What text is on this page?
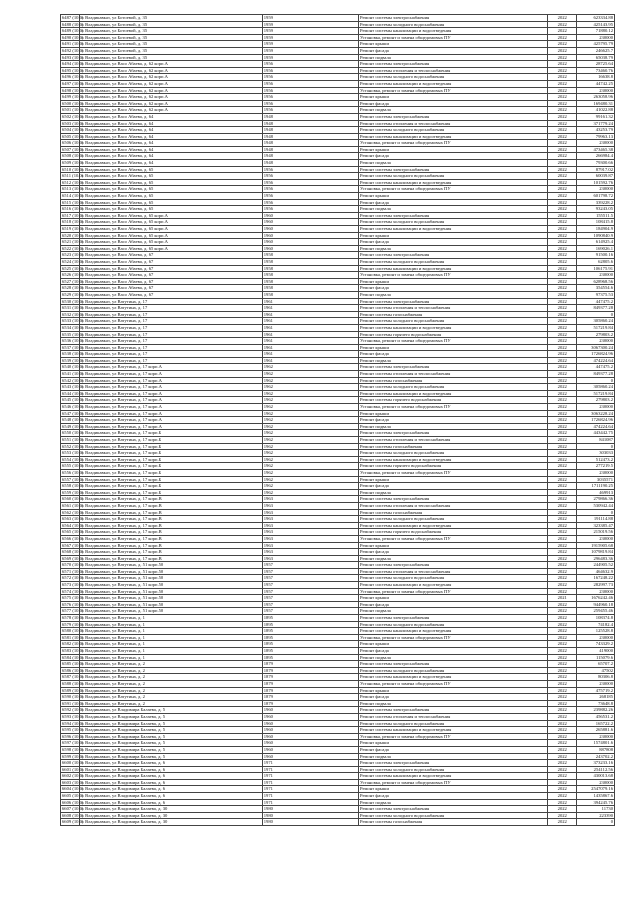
6487 (10.0)	г. Владикавказ, ул Ботоевой, д. 35	1959	Ремонт системы электроснабжения	2022	623334.88
6488 (10.0)	г. Владикавказ, ул Ботоевой, д. 35	1959	Ремонт системы холодного водоснабжения	2022	425143.95
6489 (10.0)	г. Владикавказ, ул Ботоевой, д. 35	1959	Ремонт системы канализации и водоотведения	2022	71880.12
6490 (10.0)	г. Владикавказ, ул Ботоевой, д. 35	1959	Установка, ремонт и замена общедомовых ПУ	2022	230000
6491 (10.0)	г. Владикавказ, ул Ботоевой, д. 35	1959	Ремонт крыши	2022	425795.79
6492 (10.0)	г. Владикавказ, ул Ботоевой, д. 35	1959	Ремонт фасада	2022	246625.7
6493 (10.0)	г. Владикавказ, ул Ботоевой, д. 35	1959	Ремонт подвала	2022	65038.79
6494 (10.0)	г. Владикавказ, ул Васо Абаева, д. 62 корп.А	1956	Ремонт системы электроснабжения	2022	28725.64
6495 (10.0)	г. Владикавказ, ул Васо Абаева, д. 62 корп.А	1956	Ремонт системы отопления и теплоснабжения	2022	73460.76
6496 (10.0)	г. Владикавказ, ул Васо Абаева, д. 62 корп.А	1956	Ремонт системы холодного водоснабжения	2022	16638.8
6497 (10.0)	г. Владикавказ, ул Васо Абаева, д. 62 корп.А	1956	Ремонт системы канализации и водоотведения	2022	44742.25
6498 (10.0)	г. Владикавказ, ул Васо Абаева, д. 62 корп.А	1956	Установка, ремонт и замена общедомовых ПУ	2022	230000
6499 (10.0)	г. Владикавказ, ул Васо Абаева, д. 62 корп.А	1956	Ремонт крыши	2022	263058.96
6500 (10.0)	г. Владикавказ, ул Васо Абаева, д. 62 корп.А	1956	Ремонт фасада	2022	169480.31
6501 (10.0)	г. Владикавказ, ул Васо Абаева, д. 62 корп.А	1956	Ремонт подвала	2022	41022.88
6502 (10.0)	г. Владикавказ, ул Васо Абаева, д. 64	1948	Ремонт системы электроснабжения	2022	99161.32
6503 (10.0)	г. Владикавказ, ул Васо Абаева, д. 64	1948	Ремонт системы отопления и теплоснабжения	2022	371779.24
6504 (10.0)	г. Владикавказ, ул Васо Абаева, д. 64	1948	Ремонт системы холодного водоснабжения	2022	43253.79
6505 (10.0)	г. Владикавказ, ул Васо Абаева, д. 64	1948	Ремонт системы канализации и водоотведения	2022	79963.13
6506 (10.0)	г. Владикавказ, ул Васо Абаева, д. 64	1948	Установка, ремонт и замена общедомовых ПУ	2022	230000
6507 (10.0)	г. Владикавказ, ул Васо Абаева, д. 64	1948	Ремонт крыши	2022	473465.38
6508 (10.0)	г. Владикавказ, ул Васо Абаева, д. 64	1948	Ремонт фасада	2022	266984.4
6509 (10.0)	г. Владикавказ, ул Васо Абаева, д. 64	1948	Ремонт подвала	2022	79300.66
6510 (10.0)	г. Владикавказ, ул Васо Абаева, д. 65	1956	Ремонт системы электроснабжения	2022	87917.02
6511 (10.0)	г. Владикавказ, ул Васо Абаева, д. 65	1956	Ремонт системы холодного водоснабжения	2022	60039.87
6512 (10.0)	г. Владикавказ, ул Васо Абаева, д. 65	1956	Ремонт системы канализации и водоотведения	2022	101592.76
6513 (10.0)	г. Владикавказ, ул Васо Абаева, д. 65	1956	Установка, ремонт и замена общедомовых ПУ	2022	230000
6514 (10.0)	г. Владикавказ, ул Васо Абаева, д. 65	1956	Ремонт крыши	2022	601798.72
6515 (10.0)	г. Владикавказ, ул Васо Абаева, д. 65	1956	Ремонт фасада	2022	339228.2
6516 (10.0)	г. Владикавказ, ул Васо Абаева, д. 65	1956	Ремонт подвала	2022	93243.05
6517 (10.0)	г. Владикавказ, ул Васо Абаева, д. 65 корп.А	1960	Ремонт системы электроснабжения	2022	155511.5
6518 (10.0)	г. Владикавказ, ул Васо Абаева, д. 65 корп.А	1960	Ремонт системы холодного водоснабжения	2022	108415.8
6519 (10.0)	г. Владикавказ, ул Васо Абаева, д. 65 корп.А	1960	Ремонт системы канализации и водоотведения	2022	184904.9
6520 (10.0)	г. Владикавказ, ул Васо Абаева, д. 65 корп.А	1960	Ремонт крыши	2022	1090840.9
6521 (10.0)	г. Владикавказ, ул Васо Абаева, д. 65 корп.А	1960	Ремонт фасада	2022	614925.4
6522 (10.0)	г. Владикавказ, ул Васо Абаева, д. 65 корп.А	1960	Ремонт подвала	2022	169026.1
6523 (10.0)	г. Владикавказ, ул Васо Абаева, д. 67	1958	Ремонт системы электроснабжения	2022	91500.16
6524 (10.0)	г. Владикавказ, ул Васо Абаева, д. 67	1958	Ремонт системы холодного водоснабжения	2022	62805.6
6525 (10.0)	г. Владикавказ, ул Васо Абаева, д. 67	1958	Ремонт системы канализации и водоотведения	2022	106175.91
6526 (10.0)	г. Владикавказ, ул Васо Абаева, д. 67	1958	Установка, ремонт и замена общедомовых ПУ	2022	230000
6527 (10.0)	г. Владикавказ, ул Васо Абаева, д. 67	1958	Ремонт крыши	2022	628968.56
6528 (10.0)	г. Владикавказ, ул Васо Абаева, д. 67	1958	Ремонт фасада	2022	354554.6
6529 (10.0)	г. Владикавказ, ул Васо Абаева, д. 67	1958	Ремонт подвала	2022	97375.53
6530 (10.0)	г. Владикавказ, ул Ватутина, д. 17	1961	Ремонт системы электроснабжения	2022	447475.2
6531 (10.0)	г. Владикавказ, ул Ватутина, д. 17	1961	Ремонт системы отопления и теплоснабжения	2022	849377.28
6532 (10.0)	г. Владикавказ, ул Ватутина, д. 17	1961	Ремонт системы газоснабжения	2022	0
6533 (10.0)	г. Владикавказ, ул Ватутина, д. 17	1961	Ремонт системы холодного водоснабжения	2022	305860.24
6534 (10.0)	г. Владикавказ, ул Ватутина, д. 17	1961	Ремонт системы канализации и водоотведения	2022	517219.84
6535 (10.0)	г. Владикавказ, ул Ватутина, д. 17	1961	Ремонт системы горячего водоснабжения	2022	279803.2
6536 (10.0)	г. Владикавказ, ул Ватутина, д. 17	1961	Установка, ремонт и замена общедомовых ПУ	2022	230000
6537 (10.0)	г. Владикавказ, ул Ватутина, д. 17	1961	Ремонт крыши	2022	3067300.24
6538 (10.0)	г. Владикавказ, ул Ватутина, д. 17	1961	Ремонт фасада	2022	1726824.96
6539 (10.0)	г. Владикавказ, ул Ватутина, д. 17	1961	Ремонт подвала	2022	474224.64
6540 (10.0)	г. Владикавказ, ул Ватутина, д. 17 корп.А	1962	Ремонт системы электроснабжения	2022	447475.2
6541 (10.0)	г. Владикавказ, ул Ватутина, д. 17 корп.А	1962	Ремонт системы отопления и теплоснабжения	2022	849377.28
6542 (10.0)	г. Владикавказ, ул Ватутина, д. 17 корп.А	1962	Ремонт системы газоснабжения	2022	0
6543 (10.0)	г. Владикавказ, ул Ватутина, д. 17 корп.А	1962	Ремонт системы холодного водоснабжения	2022	305860.24
6544 (10.0)	г. Владикавказ, ул Ватутина, д. 17 корп.А	1962	Ремонт системы канализации и водоотведения	2022	517219.84
6545 (10.0)	г. Владикавказ, ул Ватутина, д. 17 корп.А	1962	Ремонт системы горячего водоснабжения	2022	279803.2
6546 (10.0)	г. Владикавказ, ул Ватутина, д. 17 корп.А	1962	Установка, ремонт и замена общедомовых ПУ	2022	230000
6547 (10.0)	г. Владикавказ, ул Ватутина, д. 17 корп.А	1962	Ремонт крыши	2022	3063228.24
6548 (10.0)	г. Владикавказ, ул Ватутина, д. 17 корп.А	1962	Ремонт фасада	2022	1726824.96
6549 (10.0)	г. Владикавказ, ул Ватутина, д. 17 корп.А	1962	Ремонт подвала	2022	474224.64
6550 (10.0)	г. Владикавказ, ул Ватутина, д. 17 корп.Б	1962	Ремонт системы электроснабжения	2022	443442.75
6551 (10.0)	г. Владикавказ, ул Ватутина, д. 17 корп.Б	1962	Ремонт системы отопления и теплоснабжения	2022	841087
6552 (10.0)	г. Владикавказ, ул Ватутина, д. 17 корп.Б	1962	Ремонт системы газоснабжения	2022	0
6553 (10.0)	г. Владикавказ, ул Ватутина, д. 17 корп.Б	1962	Ремонт системы холодного водоснабжения	2022	303033
6554 (10.0)	г. Владикавказ, ул Ватутина, д. 17 корп.Б	1962	Ремонт системы канализации и водоотведения	2022	512473.2
6555 (10.0)	г. Владикавказ, ул Ватутина, д. 17 корп.Б	1962	Ремонт системы горячего водоснабжения	2022	277219.5
6556 (10.0)	г. Владикавказ, ул Ватутина, д. 17 корп.Б	1962	Установка, ремонт и замена общедомовых ПУ	2022	230000
6557 (10.0)	г. Владикавказ, ул Ватутина, д. 17 корп.Б	1962	Ремонт крыши	2022	3035571
6558 (10.0)	г. Владикавказ, ул Ватутина, д. 17 корп.Б	1962	Ремонт фасада	2022	1711190.25
6559 (10.0)	г. Владикавказ, ул Ватутина, д. 17 корп.Б	1962	Ремонт подвала	2022	469913
6560 (10.0)	г. Владикавказ, ул Ватутина, д. 17 корп.В	1963	Ремонт системы электроснабжения	2022	279866.36
6561 (10.0)	г. Владикавказ, ул Ватутина, д. 17 корп.В	1963	Ремонт системы отопления и теплоснабжения	2022	530942.44
6562 (10.0)	г. Владикавказ, ул Ватутина, д. 17 корп.В	1963	Ремонт системы газоснабжения	2022	0
6563 (10.0)	г. Владикавказ, ул Ватутина, д. 17 корп.В	1963	Ремонт системы холодного водоснабжения	2022	191114.88
6564 (10.0)	г. Владикавказ, ул Ватутина, д. 17 корп.В	1963	Ремонт системы канализации и водоотведения	2022	323385.47
6565 (10.0)	г. Владикавказ, ул Ватутина, д. 17 корп.В	1963	Ремонт системы горячего водоснабжения	2022	215019.56
6566 (10.0)	г. Владикавказ, ул Ватутина, д. 17 корп.В	1963	Установка, ремонт и замена общедомовых ПУ	2022	230000
6567 (10.0)	г. Владикавказ, ул Ватутина, д. 17 корп.В	1963	Ремонт крыши	2022	1915905.68
6568 (10.0)	г. Владикавказ, ул Ватутина, д. 17 корп.В	1963	Ремонт фасада	2022	1079819.84
6569 (10.0)	г. Владикавказ, ул Ватутина, д. 17 корп.В	1963	Ремонт подвала	2022	296483.36
6570 (10.0)	г. Владикавказ, ул Ватутина, д. 51 корп.50	1957	Ремонт системы электроснабжения	2022	244905.52
6571 (10.0)	г. Владикавказ, ул Ватутина, д. 51 корп.50	1957	Ремонт системы отопления и теплоснабжения	2022	464632.9
6572 (10.0)	г. Владикавказ, ул Ватутина, д. 51 корп.50	1957	Ремонт системы холодного водоснабжения	2022	167248.22
6573 (10.0)	г. Владикавказ, ул Ватутина, д. 51 корп.50	1957	Ремонт системы канализации и водоотведения	2022	282997.73
6574 (10.0)	г. Владикавказ, ул Ватутина, д. 51 корп.50	1957	Установка, ремонт и замена общедомовых ПУ	2022	230000
6575 (10.0)	г. Владикавказ, ул Ватутина, д. 51 корп.50	1957	Ремонт крыши	2021	1676242.46
6576 (10.0)	г. Владикавказ, ул Ватутина, д. 51 корп.50	1957	Ремонт фасада	2022	944960.18
6577 (10.0)	г. Владикавказ, ул Ватутина, д. 51 корп.50	1957	Ремонт подвала	2022	259455.46
6578 (10.0)	г. Владикавказ, ул Ватутина, д. 1	1895	Ремонт системы электроснабжения	2022	108374.8
6579 (10.0)	г. Владикавказ, ул Ватутина, д. 1	1895	Ремонт системы холодного водоснабжения	2022	74182.4
6580 (10.0)	г. Владикавказ, ул Ватутина, д. 1	1895	Ремонт системы канализации и водоотведения	2022	125528.8
6581 (10.0)	г. Владикавказ, ул Ватутина, д. 1	1895	Установка, ремонт и замена общедомовых ПУ	2022	230000
6582 (10.0)	г. Владикавказ, ул Ватутина, д. 1	1895	Ремонт крыши	2022	743329.2
6583 (10.0)	г. Владикавказ, ул Ватутина, д. 1	1895	Ремонт фасада	2022	419000
6584 (10.0)	г. Владикавказ, ул Ватутина, д. 1	1895	Ремонт подвала	2022	115079.6
6585 (10.0)	г. Владикавказ, ул Ватутина, д. 2	1879	Ремонт системы электроснабжения	2022	65707.2
6586 (10.0)	г. Владикавказ, ул Ватутина, д. 2	1879	Ремонт системы холодного водоснабжения	2022	47502
6587 (10.0)	г. Владикавказ, ул Ватутина, д. 2	1879	Ремонт системы канализации и водоотведения	2022	80306.8
6588 (10.0)	г. Владикавказ, ул Ватутина, д. 2	1879	Установка, ремонт и замена общедомовых ПУ	2022	230000
6589 (10.0)	г. Владикавказ, ул Ватутина, д. 2	1879	Ремонт крыши	2022	475719.2
6590 (10.0)	г. Владикавказ, ул Ватутина, д. 2	1879	Ремонт фасада	2022	268185
6591 (10.0)	г. Владикавказ, ул Ватутина, д. 2	1879	Ремонт подвала	2022	73648.8
6592 (10.0)	г. Владикавказ, ул Владимира Балаева, д. 5	1960	Ремонт системы электроснабжения	2022	239882.26
6593 (10.0)	г. Владикавказ, ул Владимира Балаева, д. 5	1960	Ремонт системы отопления и теплоснабжения	2022	456531.2
6594 (10.0)	г. Владикавказ, ул Владимира Балаева, д. 5	1960	Ремонт системы холодного водоснабжения	2022	165722.2
6595 (10.0)	г. Владикавказ, ул Владимира Балаева, д. 5	1960	Ремонт системы канализации и водоотведения	2022	265881.6
6596 (10.0)	г. Владикавказ, ул Владимира Балаева, д. 5	1960	Установка, ремонт и замена общедомовых ПУ	2022	230000
6597 (10.0)	г. Владикавказ, ул Владимира Балаева, д. 5	1960	Ремонт крыши	2022	1574801.6
6598 (10.0)	г. Владикавказ, ул Владимира Балаева, д. 5	1960	Ремонт фасада	2022	887808
6599 (10.0)	г. Владикавказ, ул Владимира Балаева, д. 5	1960	Ремонт подвала	2022	243702.2
6600 (10.0)	г. Владикавказ, ул Владимира Балаева, д. 6	1971	Ремонт системы электроснабжения	2022	373233.16
6601 (10.0)	г. Владикавказ, ул Владимира Балаева, д. 6	1971	Ремонт системы холодного водоснабжения	2022	254112.56
6602 (10.0)	г. Владикавказ, ул Владимира Балаева, д. 6	1971	Ремонт системы канализации и водоотведения	2022	430013.68
6603 (10.0)	г. Владикавказ, ул Владимира Балаева, д. 6	1971	Установка, ремонт и замена общедомовых ПУ	2022	230000
6604 (10.0)	г. Владикавказ, ул Владимира Балаева, д. 6	1971	Ремонт крыши	2022	2547079.16
6605 (10.0)	г. Владикавказ, ул Владимира Балаева, д. 6	1971	Ремонт фасада	2022	1435867.6
6606 (10.0)	г. Владикавказ, ул Владимира Балаева, д. 6	1971	Ремонт подвала	2022	394245.76
6607 (10.0)	г. Владикавказ, ул Владимира Балаева, д. 30	1980	Ремонт системы электроснабжения	2022	11730
6608 (10.0)	г. Владикавказ, ул Владимира Балаева, д. 30	1980	Ремонт системы холодного водоснабжения	2022	223390
6609 (10.0)	г. Владикавказ, ул Владимира Балаева, д. 30	1980	Ремонт системы газоснабжения	2022	0
